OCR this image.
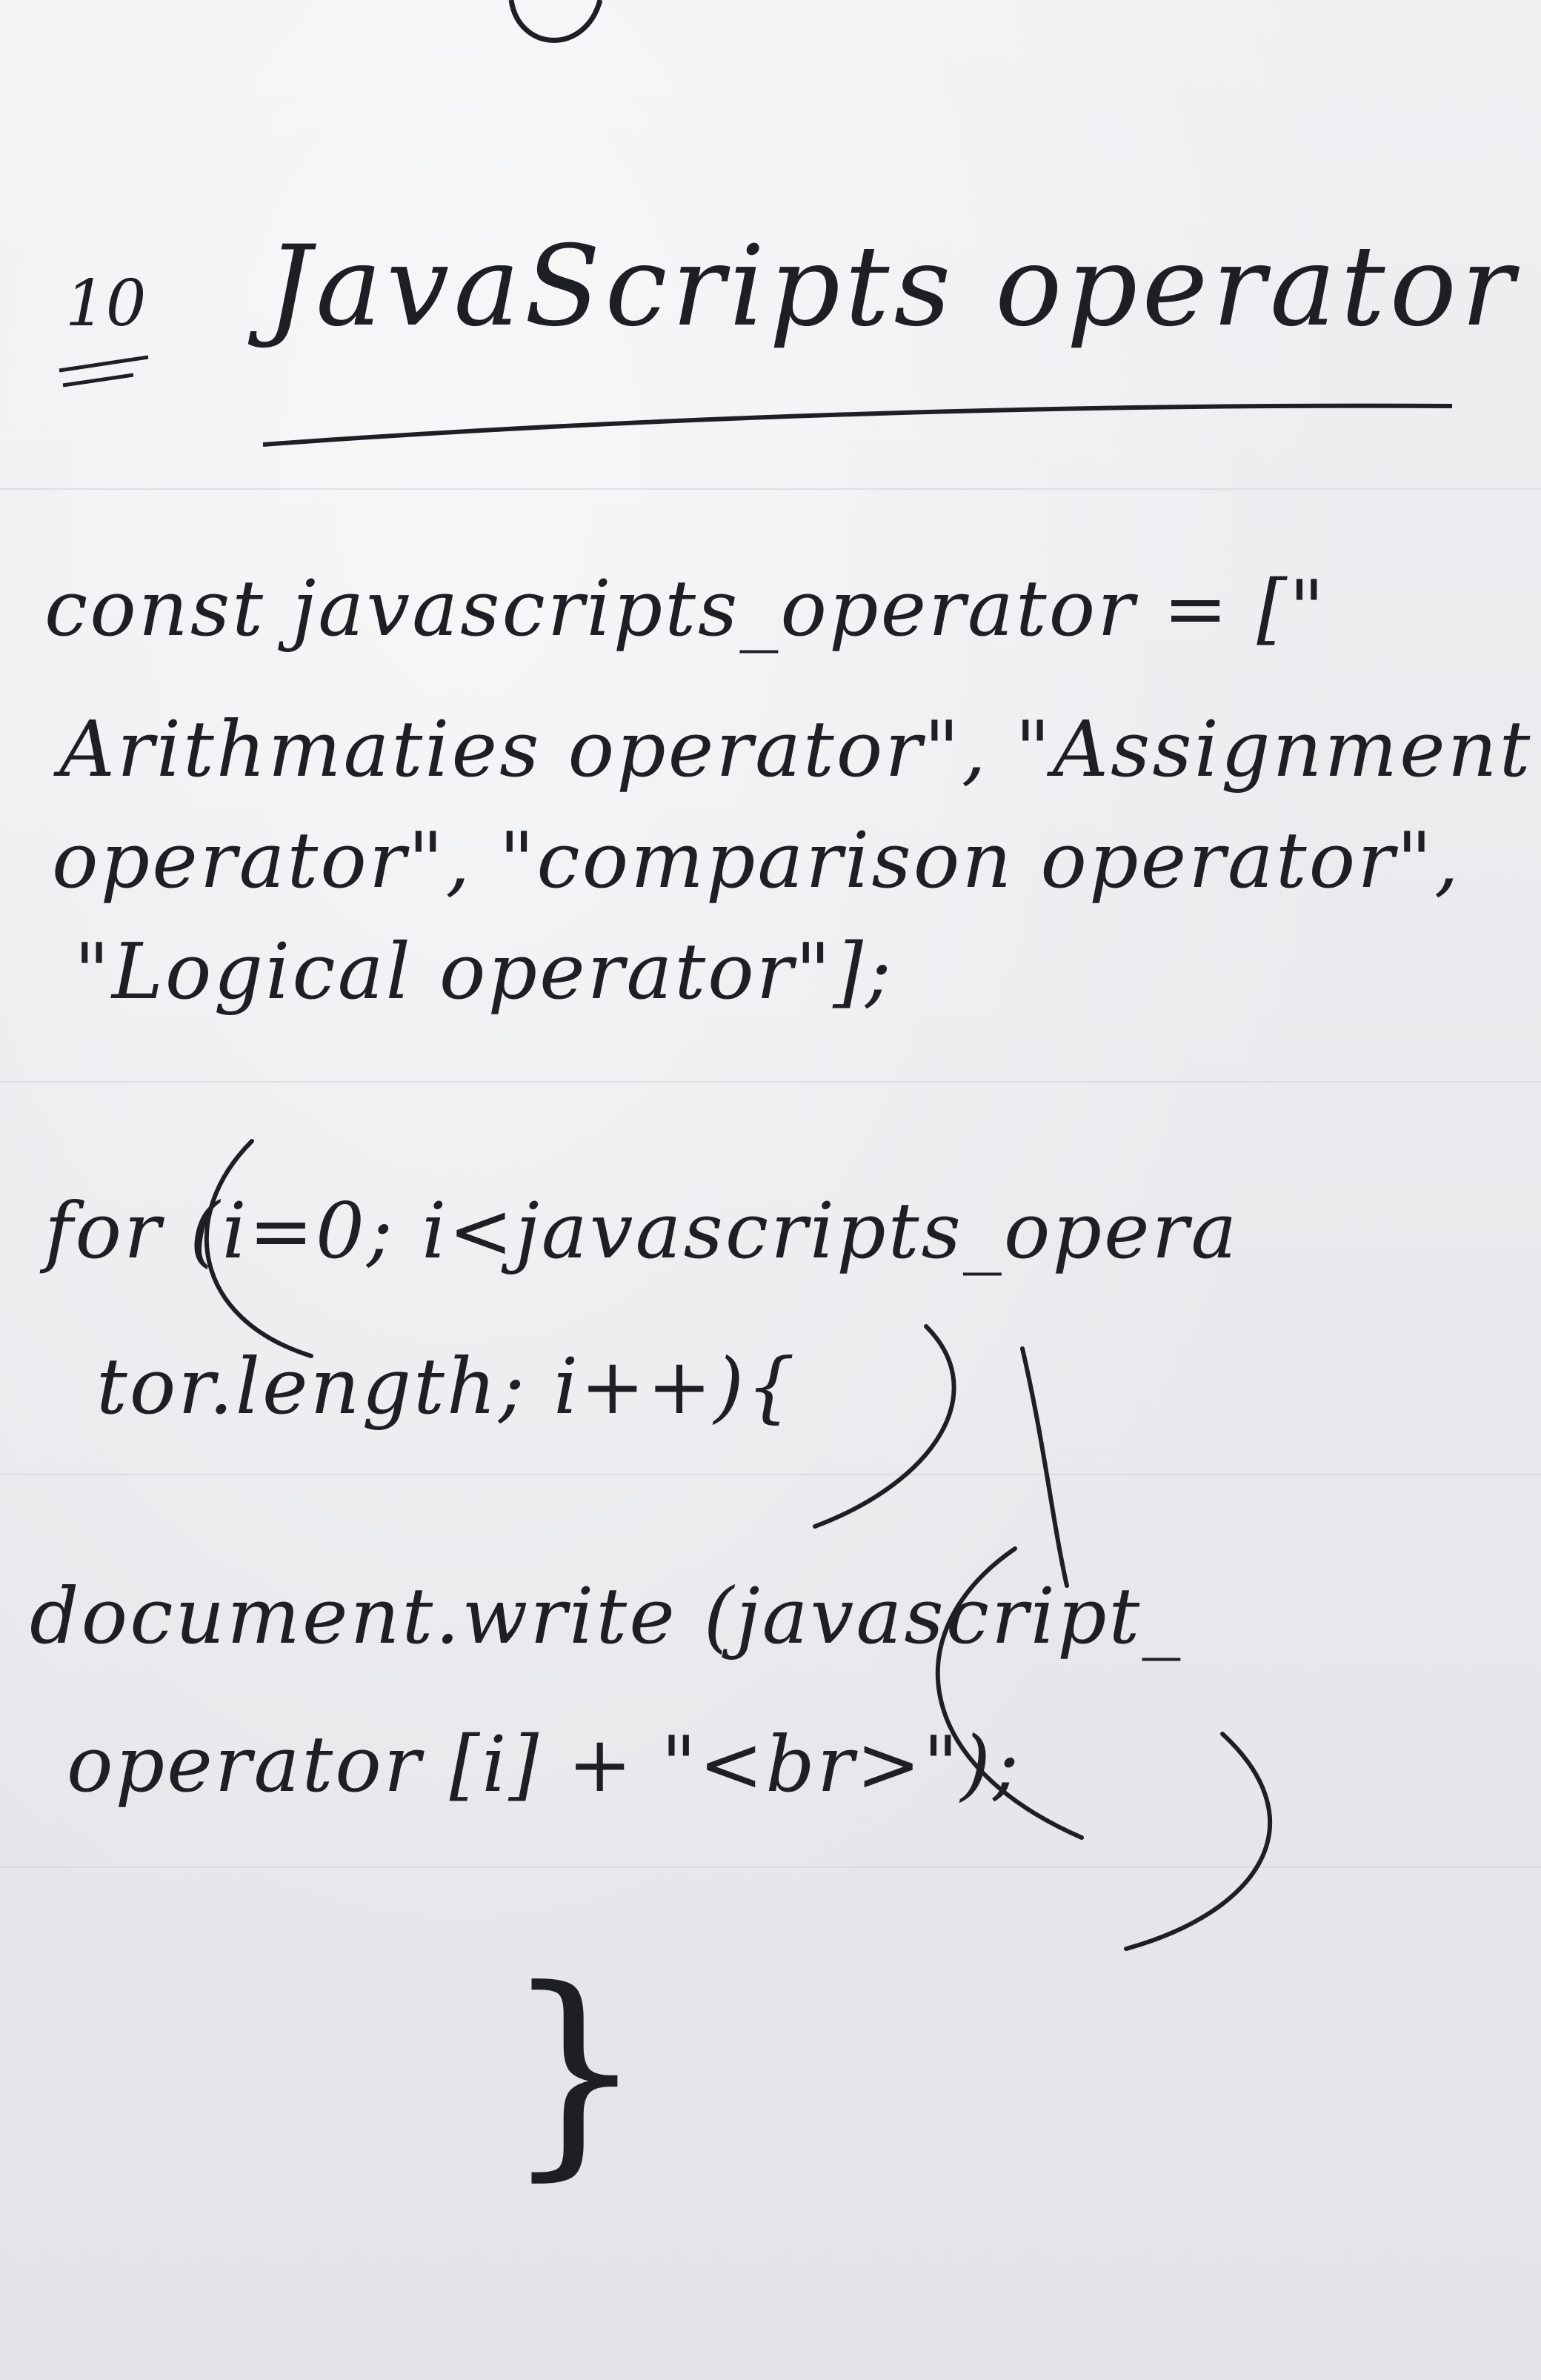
10 JavaScripts operator
const javascripts_operator = ["
Arithmaties operator", "Assignment
operator", "comparison operator",
"Logical operator"];
for (i=0; i<javascripts_opera
tor.length; i++){
document.write (javascript_
operator [i] + "<br>");
}
